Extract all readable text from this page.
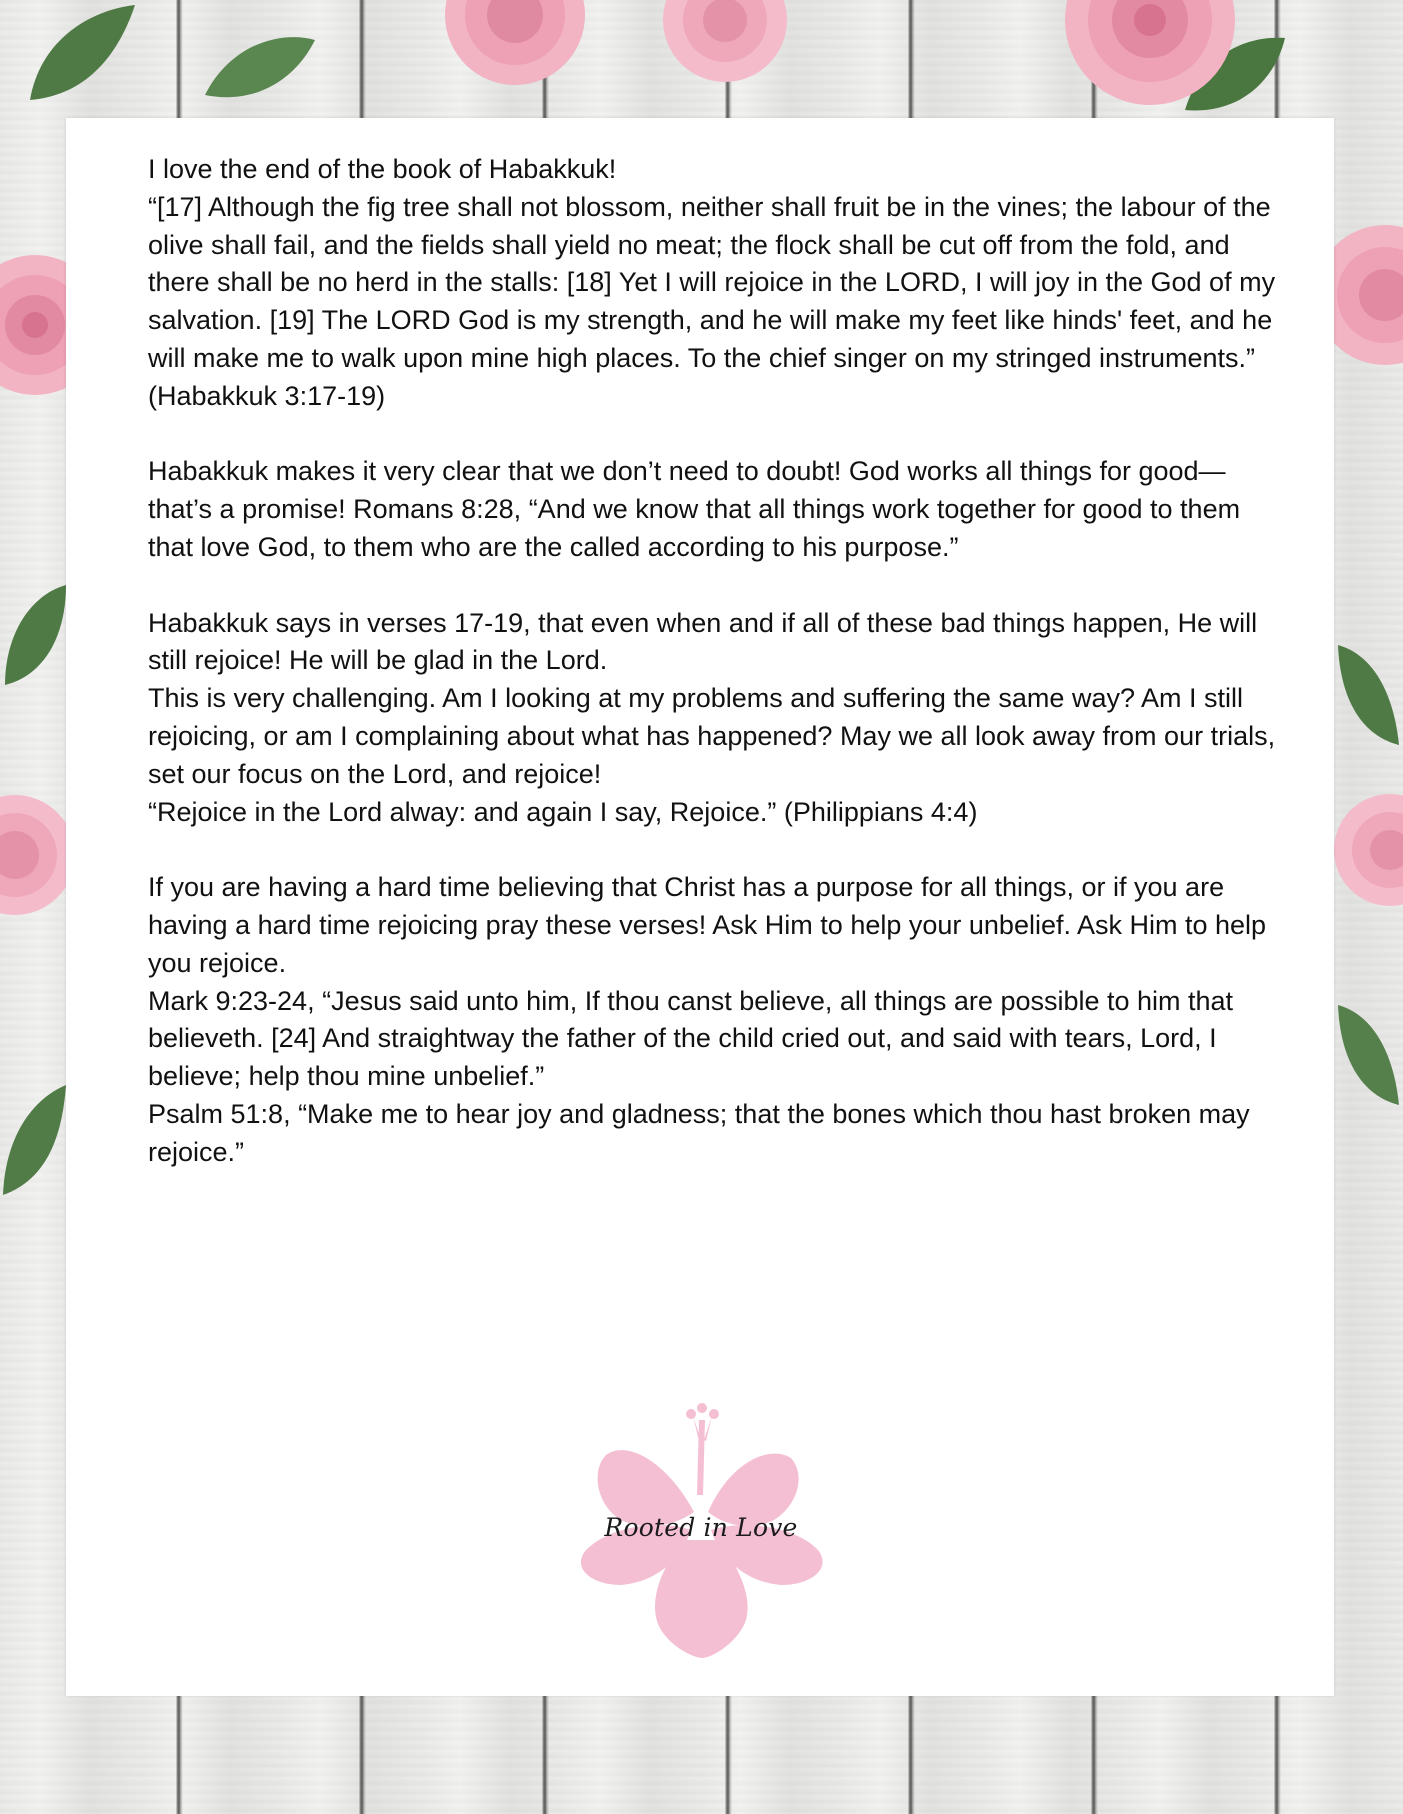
I love the end of the book of Habakkuk!

“[17] Although the fig tree shall not blossom, neither shall fruit be in the vines; the labour of the olive shall fail, and the fields shall yield no meat; the flock shall be cut off from the fold, and there shall be no herd in the stalls: [18] Yet I will rejoice in the LORD, I will joy in the God of my salvation. [19] The LORD God is my strength, and he will make my feet like hinds' feet, and he will make me to walk upon mine high places. To the chief singer on my stringed instruments.” (Habakkuk 3:17-19)

Habakkuk makes it very clear that we don’t need to doubt! God works all things for good—that’s a promise! Romans 8:28, “And we know that all things work together for good to them that love God, to them who are the called according to his purpose.”

Habakkuk says in verses 17-19, that even when and if all of these bad things happen, He will still rejoice! He will be glad in the Lord.

This is very challenging. Am I looking at my problems and suffering the same way? Am I still rejoicing, or am I complaining about what has happened? May we all look away from our trials, set our focus on the Lord, and rejoice!

“Rejoice in the Lord alway: and again I say, Rejoice.” (Philippians 4:4)

If you are having a hard time believing that Christ has a purpose for all things, or if you are having a hard time rejoicing pray these verses! Ask Him to help your unbelief. Ask Him to help you rejoice.

Mark 9:23-24, “Jesus said unto him, If thou canst believe, all things are possible to him that believeth. [24] And straightway the father of the child cried out, and said with tears, Lord, I believe; help thou mine unbelief.”

Psalm 51:8, “Make me to hear joy and gladness; that the bones which thou hast broken may rejoice.”

Rooted in Love
